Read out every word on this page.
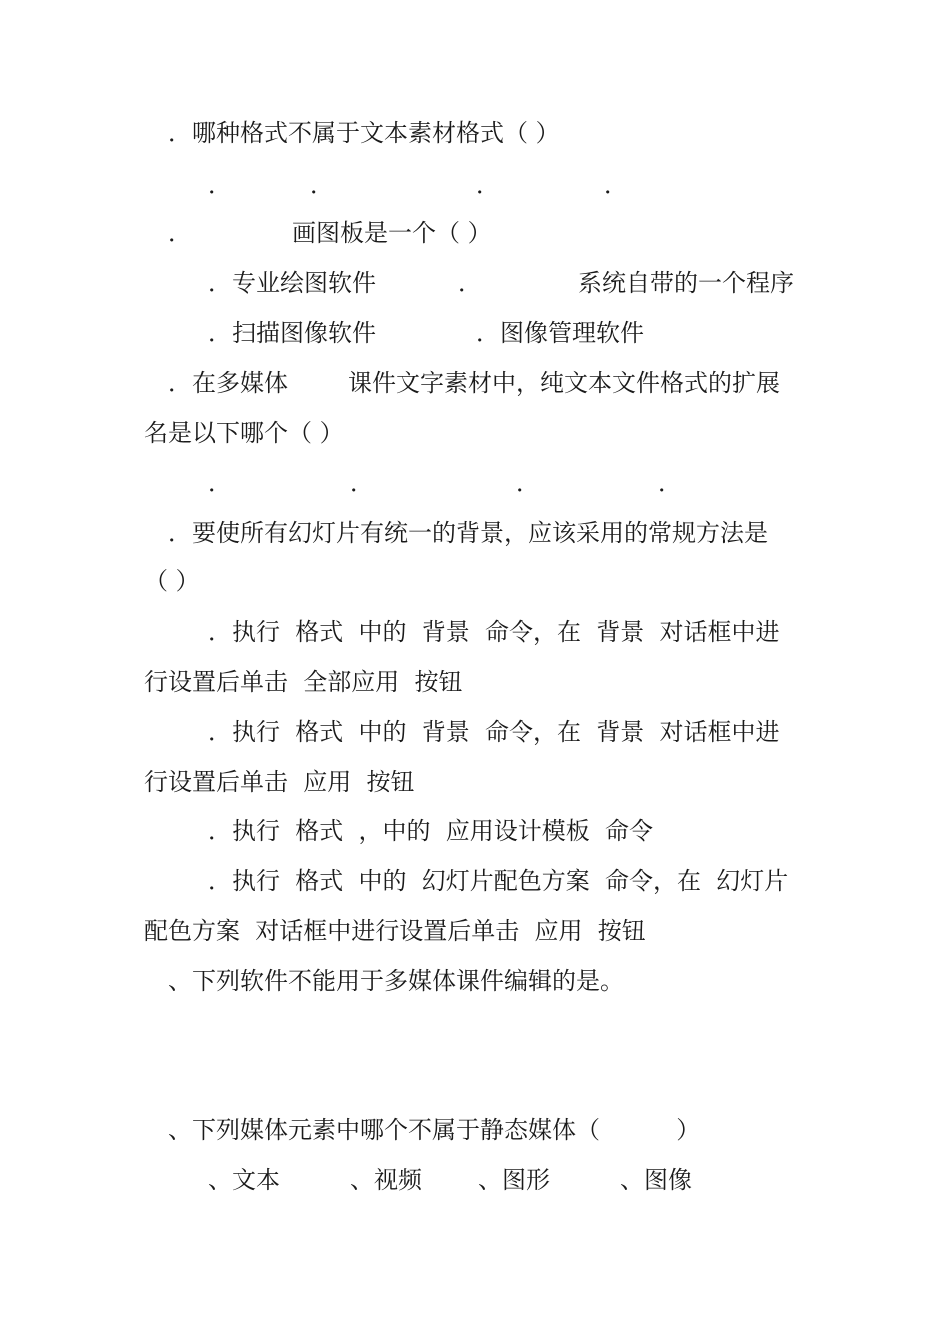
．哪种格式不属于文本素材格式（ ）
．	．	．	．
．	画图板是一个（ ）
．专业绘图软件	．	系统自带的一个程序
．扫描图像软件	．图像管理软件
．在多媒体	课件文字素材中，纯文本文件格式的扩展
名是以下哪个（ ）
．	．	．	．
．要使所有幻灯片有统一的背景，应该采用的常规方法是
（ ）
．执行  格式  中的  背景  命令，在  背景  对话框中进
行设置后单击  全部应用  按钮
．执行  格式  中的  背景  命令，在  背景  对话框中进
行设置后单击  应用  按钮
．执行  格式  ，中的  应用设计模板  命令
．执行  格式  中的  幻灯片配色方案  命令，在  幻灯片
配色方案  对话框中进行设置后单击  应用  按钮
、下列软件不能用于多媒体课件编辑的是。
、下列媒体元素中哪个不属于静态媒体（          ）
、文本	、视频 、图形	、图像
